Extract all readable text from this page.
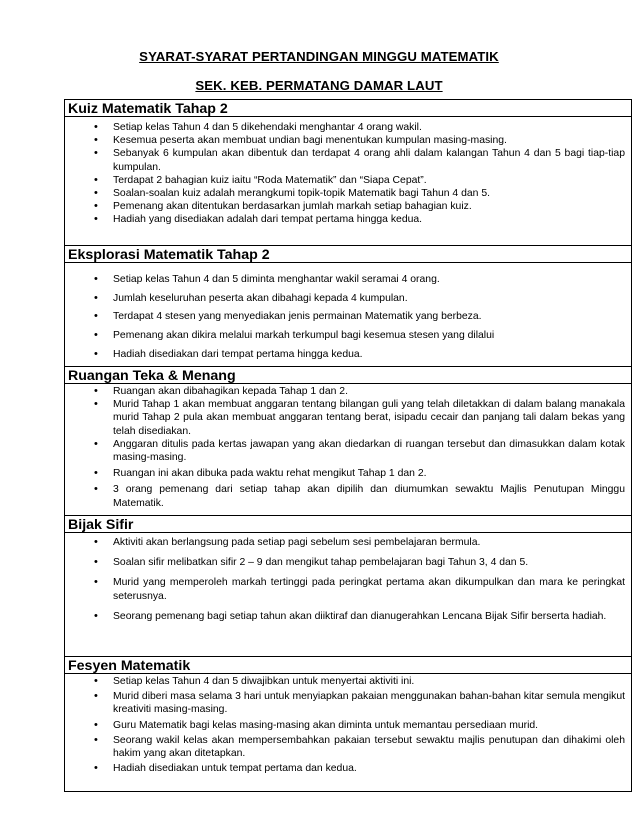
SYARAT-SYARAT PERTANDINGAN MINGGU MATEMATIK
SEK. KEB. PERMATANG DAMAR LAUT
Kuiz Matematik Tahap 2
• Setiap kelas Tahun 4 dan 5 dikehendaki menghantar 4 orang wakil.
• Kesemua peserta akan membuat undian bagi menentukan kumpulan masing-masing.
• Sebanyak 6 kumpulan akan dibentuk dan terdapat 4 orang ahli dalam kalangan Tahun 4 dan 5 bagi tiap-tiap kumpulan.
• Terdapat 2 bahagian kuiz iaitu “Roda Matematik” dan “Siapa Cepat”.
• Soalan-soalan kuiz adalah merangkumi topik-topik Matematik bagi Tahun 4 dan 5.
• Pemenang akan ditentukan berdasarkan jumlah markah setiap bahagian kuiz.
• Hadiah yang disediakan adalah dari tempat pertama hingga kedua.
Eksplorasi Matematik Tahap 2
• Setiap kelas Tahun 4 dan 5 diminta menghantar wakil seramai 4 orang.
• Jumlah keseluruhan peserta akan dibahagi kepada 4 kumpulan.
• Terdapat 4 stesen yang menyediakan jenis permainan Matematik yang berbeza.
• Pemenang akan dikira melalui markah terkumpul bagi kesemua stesen yang dilalui
• Hadiah disediakan dari tempat pertama hingga kedua.
Ruangan Teka & Menang
• Ruangan akan dibahagikan kepada Tahap 1 dan 2.
• Murid Tahap 1 akan membuat anggaran tentang bilangan guli yang telah diletakkan di dalam balang manakala murid Tahap 2 pula akan membuat anggaran tentang berat, isipadu cecair dan panjang tali dalam bekas yang telah disediakan.
• Anggaran ditulis pada kertas jawapan yang akan diedarkan di ruangan tersebut dan dimasukkan dalam kotak masing-masing.
• Ruangan ini akan dibuka pada waktu rehat mengikut Tahap 1 dan 2.
• 3 orang pemenang dari setiap tahap akan dipilih dan diumumkan sewaktu Majlis Penutupan Minggu Matematik.
Bijak Sifir
• Aktiviti akan berlangsung pada setiap pagi sebelum sesi pembelajaran bermula.
• Soalan sifir melibatkan sifir 2 – 9 dan mengikut tahap pembelajaran bagi Tahun 3, 4 dan 5.
• Murid yang memperoleh markah tertinggi pada peringkat pertama akan dikumpulkan dan mara ke peringkat seterusnya.
• Seorang pemenang bagi setiap tahun akan diiktiraf dan dianugerahkan Lencana Bijak Sifir berserta hadiah.
Fesyen Matematik
• Setiap kelas Tahun 4 dan 5 diwajibkan untuk menyertai aktiviti ini.
• Murid diberi masa selama 3 hari untuk menyiapkan pakaian menggunakan bahan-bahan kitar semula mengikut kreativiti masing-masing.
• Guru Matematik bagi kelas masing-masing akan diminta untuk memantau persediaan murid.
• Seorang wakil kelas akan mempersembahkan pakaian tersebut sewaktu majlis penutupan dan dihakimi oleh hakim yang akan ditetapkan.
• Hadiah disediakan untuk tempat pertama dan kedua.
